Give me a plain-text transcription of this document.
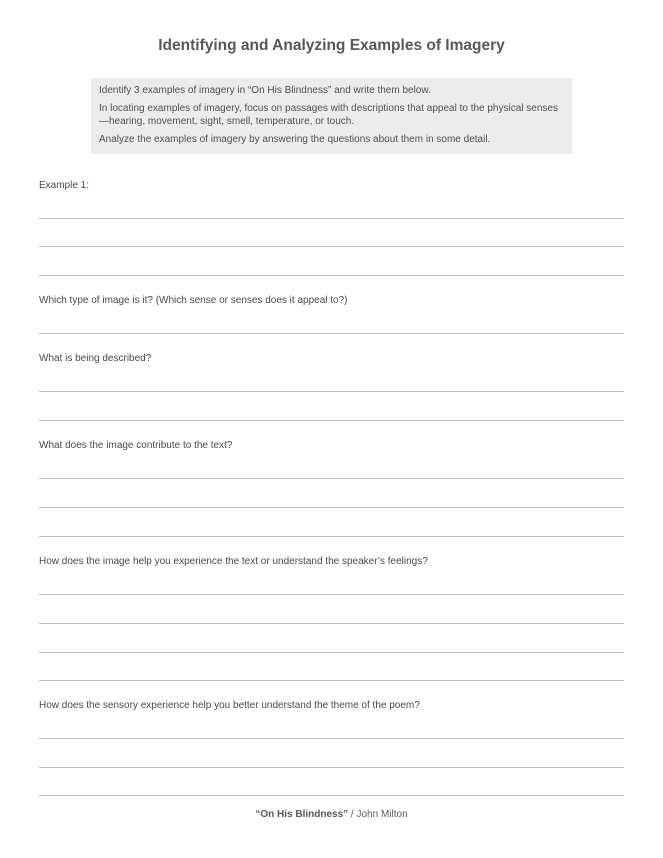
Identifying and Analyzing Examples of Imagery

Identify 3 examples of imagery in “On His Blindness” and write them below.

In locating examples of imagery, focus on passages with descriptions that appeal to the physical senses—hearing, movement, sight, smell, temperature, or touch.

Analyze the examples of imagery by answering the questions about them in some detail.

Example 1:

Which type of image is it? (Which sense or senses does it appeal to?)

What is being described?

What does the image contribute to the text?

How does the image help you experience the text or understand the speaker’s feelings?

How does the sensory experience help you better understand the theme of the poem?

“On His Blindness” / John Milton
